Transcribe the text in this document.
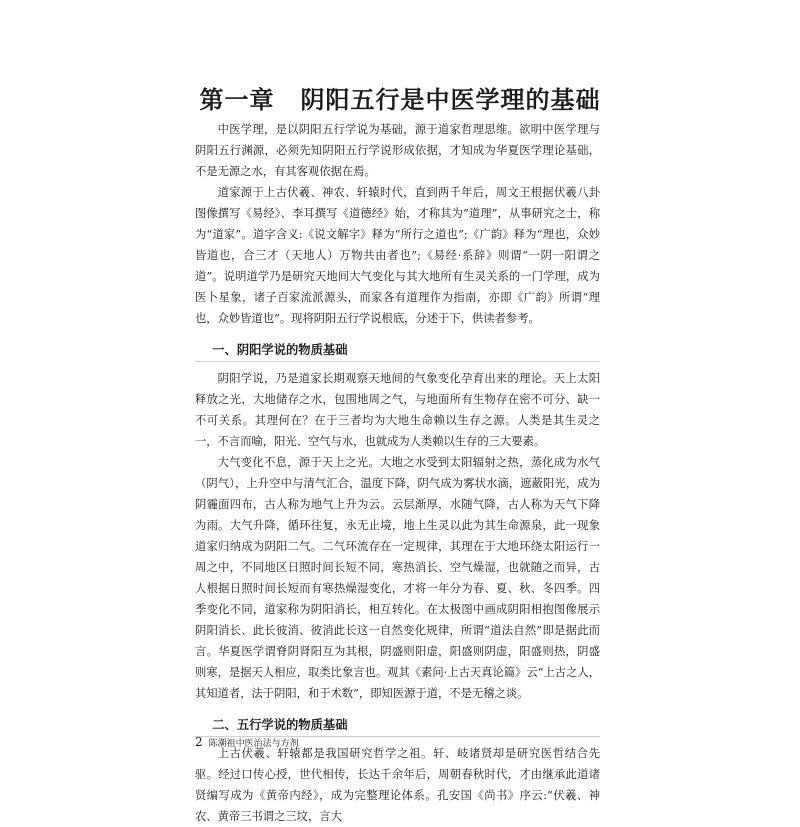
第一章 阴阳五行是中医学理的基础

中医学理，是以阴阳五行学说为基础，源于道家哲理思维。欲明中医学理与阴阳五行渊源，必须先知阴阳五行学说形成依据，才知成为华夏医学理论基础，不是无源之水，有其客观依据在焉。

道家源于上古伏羲、神农、轩辕时代，直到两千年后，周文王根据伏羲八卦图像撰写《易经》、李耳撰写《道德经》始，才称其为“道理”，从事研究之士，称为“道家”。道字含义:《说文解字》释为“所行之道也”;《广韵》释为“理也，众妙皆道也，合三才（天地人）万物共由者也”;《易经·系辞》则谓“一阴一阳谓之道”。说明道学乃是研究天地间大气变化与其大地所有生灵关系的一门学理，成为医卜星象，诸子百家流派源头，而家各有道理作为指南，亦即《广韵》所谓“理也，众妙皆道也”。现将阴阳五行学说根底，分述于下，供读者参考。

一、阴阳学说的物质基础

阴阳学说，乃是道家长期观察天地间的气象变化孕育出来的理论。天上太阳释放之光，大地储存之水，包围地周之气，与地面所有生物存在密不可分、缺一不可关系。其理何在？在于三者均为大地生命赖以生存之源。人类是其生灵之一，不言而喻，阳光、空气与水，也就成为人类赖以生存的三大要素。

大气变化不息，源于天上之光。大地之水受到太阳辐射之热，蒸化成为水气（阴气），上升空中与清气汇合，温度下降，阴气成为雾状水滴，遮蔽阳光，成为阴霾面四布，古人称为地气上升为云。云层渐厚，水随气降，古人称为天气下降为雨。大气升降，循环往复，永无止境，地上生灵以此为其生命源泉，此一现象道家归纳成为阴阳二气。二气环流存在一定规律，其理在于大地环绕太阳运行一周之中，不同地区日照时间长短不同，寒热消长、空气燥湿，也就随之而异，古人根据日照时间长短而有寒热燥湿变化，才将一年分为春、夏、秋、冬四季。四季变化不同，道家称为阴阳消长，相互转化。在太极图中画成阴阳相抱图像展示阴阳消长、此长彼消、彼消此长这一自然变化规律，所谓“道法自然”即是据此而言。华夏医学谓脊阴肾阳互为其根，阴盛则阳虚，阳盛则阴虚，阳盛则热，阴盛则寒，是据天人相应，取类比象言也。观其《素问·上古天真论篇》云“上古之人，其知道者，法于阴阳，和于术数”，即知医源于道，不是无稽之谈。

二、五行学说的物质基础

上古伏羲、轩辕都是我国研究哲学之祖。轩、岐诸贤却是研究医哲结合先驱。经过口传心授，世代相传，长达千余年后，周朝春秋时代，才由继承此道诸贤编写成为《黄帝内经》，成为完整理论体系。孔安国《尚书》序云:“伏羲、神农、黄帝三书谓之三坟，言大

2 陈潮祖中医治法与方剂
